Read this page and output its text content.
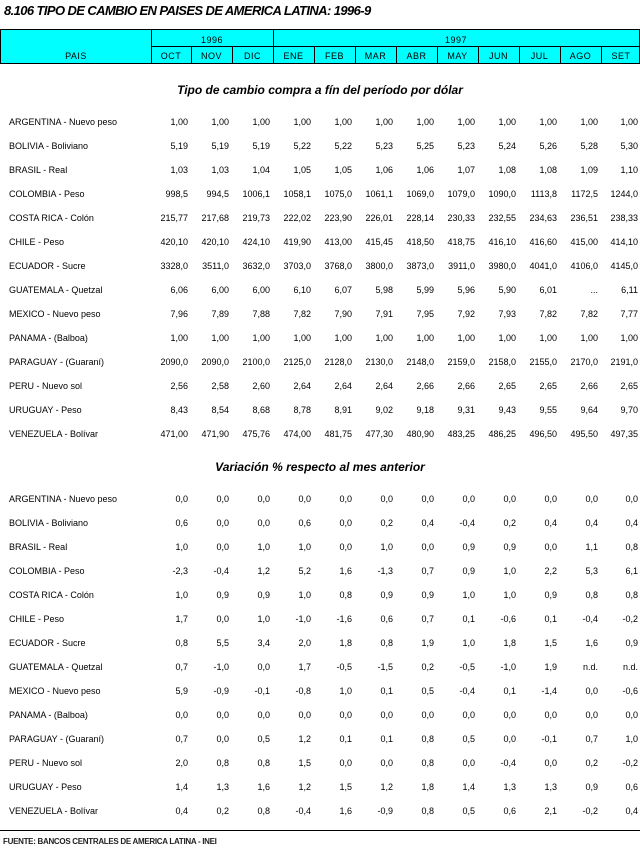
8.106 TIPO DE CAMBIO EN PAISES DE AMERICA LATINA: 1996-9
PAIS
1996	1997
OCT	NOV	DIC	ENE	FEB	MAR	ABR	MAY	JUN	JUL	AGO	SET
Tipo de cambio compra a fín del período por dólar
ARGENTINA - Nuevo peso	1,00	1,00	1,00	1,00	1,00	1,00	1,00	1,00	1,00	1,00	1,00	1,00
BOLIVIA - Boliviano	5,19	5,19	5,19	5,22	5,22	5,23	5,25	5,23	5,24	5,26	5,28	5,30
BRASIL - Real	1,03	1,03	1,04	1,05	1,05	1,06	1,06	1,07	1,08	1,08	1,09	1,10
COLOMBIA - Peso	998,5	994,5	1006,1	1058,1	1075,0	1061,1	1069,0	1079,0	1090,0	1113,8	1172,5	1244,0
COSTA RICA - Colón	215,77	217,68	219,73	222,02	223,90	226,01	228,14	230,33	232,55	234,63	236,51	238,33
CHILE - Peso	420,10	420,10	424,10	419,90	413,00	415,45	418,50	418,75	416,10	416,60	415,00	414,10
ECUADOR - Sucre	3328,0	3511,0	3632,0	3703,0	3768,0	3800,0	3873,0	3911,0	3980,0	4041,0	4106,0	4145,0
GUATEMALA - Quetzal	6,06	6,00	6,00	6,10	6,07	5,98	5,99	5,96	5,90	6,01	...	6,11
MEXICO - Nuevo peso	7,96	7,89	7,88	7,82	7,90	7,91	7,95	7,92	7,93	7,82	7,82	7,77
PANAMA - (Balboa)	1,00	1,00	1,00	1,00	1,00	1,00	1,00	1,00	1,00	1,00	1,00	1,00
PARAGUAY - (Guaraní)	2090,0	2090,0	2100,0	2125,0	2128,0	2130,0	2148,0	2159,0	2158,0	2155,0	2170,0	2191,0
PERU - Nuevo sol	2,56	2,58	2,60	2,64	2,64	2,64	2,66	2,66	2,65	2,65	2,66	2,65
URUGUAY - Peso	8,43	8,54	8,68	8,78	8,91	9,02	9,18	9,31	9,43	9,55	9,64	9,70
VENEZUELA - Bolívar	471,00	471,90	475,76	474,00	481,75	477,30	480,90	483,25	486,25	496,50	495,50	497,35
Variación % respecto al mes anterior
ARGENTINA - Nuevo peso	0,0	0,0	0,0	0,0	0,0	0,0	0,0	0,0	0,0	0,0	0,0	0,0
BOLIVIA - Boliviano	0,6	0,0	0,0	0,6	0,0	0,2	0,4	-0,4	0,2	0,4	0,4	0,4
BRASIL - Real	1,0	0,0	1,0	1,0	0,0	1,0	0,0	0,9	0,9	0,0	1,1	0,8
COLOMBIA - Peso	-2,3	-0,4	1,2	5,2	1,6	-1,3	0,7	0,9	1,0	2,2	5,3	6,1
COSTA RICA - Colón	1,0	0,9	0,9	1,0	0,8	0,9	0,9	1,0	1,0	0,9	0,8	0,8
CHILE - Peso	1,7	0,0	1,0	-1,0	-1,6	0,6	0,7	0,1	-0,6	0,1	-0,4	-0,2
ECUADOR - Sucre	0,8	5,5	3,4	2,0	1,8	0,8	1,9	1,0	1,8	1,5	1,6	0,9
GUATEMALA - Quetzal	0,7	-1,0	0,0	1,7	-0,5	-1,5	0,2	-0,5	-1,0	1,9	n.d.	n.d.
MEXICO - Nuevo peso	5,9	-0,9	-0,1	-0,8	1,0	0,1	0,5	-0,4	0,1	-1,4	0,0	-0,6
PANAMA - (Balboa)	0,0	0,0	0,0	0,0	0,0	0,0	0,0	0,0	0,0	0,0	0,0	0,0
PARAGUAY - (Guaraní)	0,7	0,0	0,5	1,2	0,1	0,1	0,8	0,5	0,0	-0,1	0,7	1,0
PERU - Nuevo sol	2,0	0,8	0,8	1,5	0,0	0,0	0,8	0,0	-0,4	0,0	0,2	-0,2
URUGUAY - Peso	1,4	1,3	1,6	1,2	1,5	1,2	1,8	1,4	1,3	1,3	0,9	0,6
VENEZUELA - Bolívar	0,4	0,2	0,8	-0,4	1,6	-0,9	0,8	0,5	0,6	2,1	-0,2	0,4
FUENTE: BANCOS CENTRALES DE AMERICA LATINA - INEI
